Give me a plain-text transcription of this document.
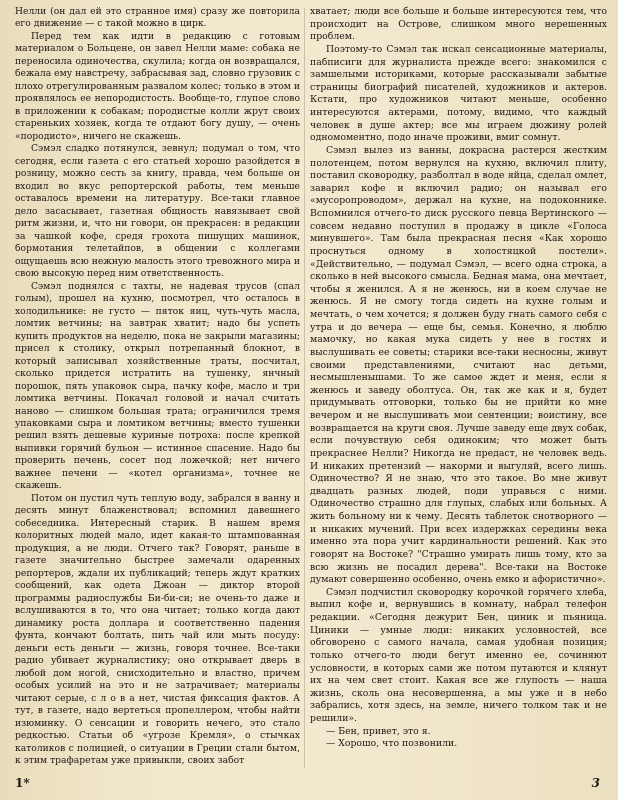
Нелли (он дал ей это странное имя) сразу же повторила его движение — с такой можно в цирк.

Перед тем как идти в редакцию с готовым материалом о Больцене, он завел Нелли маме: собака не переносила одиночества, скулила; когда он возвращался, бежала ему навстречу, забрасывая зад, словно грузовик с плохо отрегулированным развалом колес; только в этом и проявлялось ее непородистость. Вообще-то, глупое слово в приложении к собакам; породистые колли жрут своих стареньких хозяек, когда те отдают богу душу, — очень «породисто», ничего не скажешь.

Сэмэл сладко потянулся, зевнул; подумал о том, что сегодня, если газета с его статьей хорошо разойдется в розницу, можно сесть за книгу, правда, чем больше он входил во вкус репортерской работы, тем меньше оставалось времени на литературу. Все-таки главное дело засасывает, газетная общность навязывает свой ритм жизни, и, что ни говори, он прекрасен: в редакции за чашкой кофе, средя грохота пишущих машинок, бормотания телетайпов, в общении с коллегами ощущаешь всю нежную малость этого тревожного мира и свою высокую перед ним ответственность.

Сэмэл поднялся с тахты, не надевая трусов (спал голым), прошел на кухню, посмотрел, что осталось в холодильнике: не густо — пяток яиц, чуть-чуть масла, ломтик ветчины; на завтрак хватит; надо бы успеть купить продуктов на неделю, пока не закрыли магазины; присел к столику, открыл потрепанный блокнот, в который записывал хозяйственные траты, посчитал, сколько придется истратить на тушенку, янчный порошок, пять упаковок сыра, пачку кофе, масло и три ломтика ветчины. Покачал головой и начал считать наново — слишком большая трата; ограничился тремя упаковками сыра и ломтиком ветчины; вместо тушенки решил взять дешевые куриные потроха: после крепкой выпивки горячий бульон — истинное спасение. Надо бы проверить печень, сосет под ложечкой; нет ничего важнее печени — «котел организма», точнее не скажешь.

Потом он пустил чуть теплую воду, забрался в ванну и десять минут блаженствовал; вспомнил давешнего собеседника. Интересный старик. В нашем время колоритных людей мало, идет какая-то штампованная продукция, а не люди. Отчего так? Говорят, раньше в газете значительно быстрее замечали одаренных репортеров, ждали их публикаций; теперь ждут кратких сообщений, как одета Джоан — диктор второй программы радиослужбы Би-би-си; не очень-то даже и вслушиваются в то, что она читает; только когда дают динамику роста доллара и соответственно падения фунта, кончают болтать, пить чай или мыть посуду: деньги есть деньги — жизнь, говоря точнее. Все-таки радио убивает журналистику; оно открывает дверь в любой дом ногой, снисходительно и властно, причем особых усилий на это и не затрачивает; материалы читают серые, с л о в а нет, чистая фиксация фактов. А тут, в газете, надо вертеться пропеллером, чтобы найти изюминку. О сенсации и говорить нечего, это сталo редкостью. Статьи об «угрозе Кремля», о стычках католиков с полицией, о ситуации в Греции стали бытом, к этим трафаретам уже привыкли, своих забот

хватает; люди все больше и больше интересуются тем, что происходит на Острове, слишком много нерешенных проблем.

Поэтому-то Сэмэл так искал сенсационные материалы, пабписиги для журналиста прежде всего: знакомился с замшелыми историками, которые рассказывали забытые страницы биографий писателей, художников и актеров. Кстати, про художников читают меньше, особенно интересуются актерами, потому, видимо, что каждый человек в душе актер; все мы играем дюжину ролей одномоментно, подо иначе проживи, вмиг сомнут.

Сэмэл вылез из ванны, докрасна растерся жестким полотенцем, потом вернулся на кухню, включил плиту, поставил сковородку, разболтал в воде яйца, сделал омлет, заварил кофе и включил радио; он называл его «мусоропроводом», держал на кухне, на подоконнике. Вспомнился отчего-то диск русского певца Вертинского — совсем недавно поступил в продажу в цикле «Голоса минувшего». Там была прекрасная песня «Как хорошо проснуться одному в холостяцкой постели». «Действительно, — подумал Сэмэл, — всего одна строка, а сколько в ней высокого смысла. Бедная мама, она мечтает, чтобы я женился. А я не женюсь, ни в коем случае не женюсь. Я не смогу тогда сидеть на кухне голым и мечтать, о чем хочется; я должен буду гнать самого себя с утра и до вечера — еще бы, семья. Конечно, я люблю мамочку, но какая мука сидеть у нее в гостях и выслушивать ее советы; старики все-таки несносны, живут своими представлениями, считают нас детьми, несмышленышами. То же самое ждет и меня, если я женюсь и заведу оболтуса. Он, так же как и я, будет придумывать отговорки, только бы не прийти ко мне вечером и не выслушивать мои сентенции; воистину, все возвращается на круги своя. Лучше заведу еще двух собак, если почувствую себя одиноким; что может быть прекраснее Нелли? Никогда не предаст, не человек ведь. И никаких претензий — накорми и выгуляй, всего лишь. Одиночество? Я не знаю, что это такое. Во мне живут двадцать разных людей, поди управься с ними. Одиночество страшно для глупых, слабых или больных. А жить больному ни к чему. Десять таблеток снотворного — и никаких мучений. При всех издержках середины века именно эта пора учит кардинальности решений. Как это говорят на Востоке? "Страшно умирать лишь тому, кто за всю жизнь не посадил дерева". Все-таки на Востоке думают совершенно особенно, очень емко и афористично».

Сэмэл подчистил сковородку корочкой горячего хлеба, выпил кофе и, вернувшись в комнату, набрал телефон редакции. «Сегодня дежурит Бен, циник и пьяница. Циники — умные люди: никаких условностей, все обговорено с самого начала, самая удобная позиция; только отчего-то люди бегут именно ее, сочиняют условности, в которых сами же потом путаются и клянут их на чем свет стоит. Какая все же глупость — наша жизнь, сколь она несовершенна, а мы уже и в небо забрались, хотя здесь, на земле, ничего толком так и не решили».

— Бен, привет, это я.

— Хорошо, что позвонили.

1*	3
